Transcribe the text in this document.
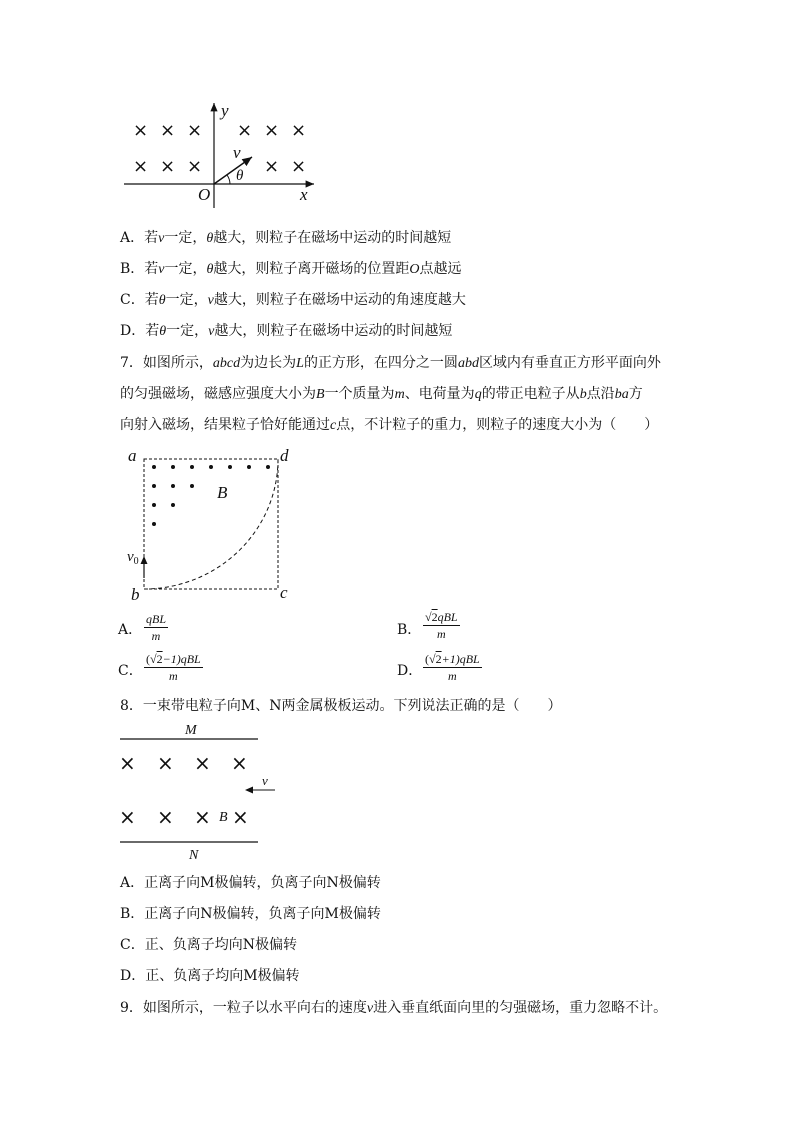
× × × × × ×
× × ×	× ×
y
x
O
v
θ
A．若v一定，θ越大，则粒子在磁场中运动的时间越短
B．若v一定，θ越大，则粒子离开磁场的位置距O点越远
C．若θ一定，v越大，则粒子在磁场中运动的角速度越大
D．若θ一定，v越大，则粒子在磁场中运动的时间越短
7．如图所示，abcd为边长为L的正方形，在四分之一圆abd区域内有垂直正方形平面向外
的匀强磁场，磁感应强度大小为B一个质量为m、电荷量为q的带正电粒子从b点沿ba方
向射入磁场，结果粒子恰好能通过c点，不计粒子的重力，则粒子的速度大小为（　　）
a	d
b	c
B
$v_0$
A．
qBL
m	B．
√2qBL
m
C．
(√2−1)qBL
m	D．
(√2+1)qBL
m
8．一束带电粒子向M、N两金属极板运动。下列说法正确的是（　　）
M
N
v
B
× × × ×
× × × ×
A．正离子向M极偏转，负离子向N极偏转
B．正离子向N极偏转，负离子向M极偏转
C．正、负离子均向N极偏转
D．正、负离子均向M极偏转
9．如图所示，一粒子以水平向右的速度v进入垂直纸面向里的匀强磁场，重力忽略不计。
